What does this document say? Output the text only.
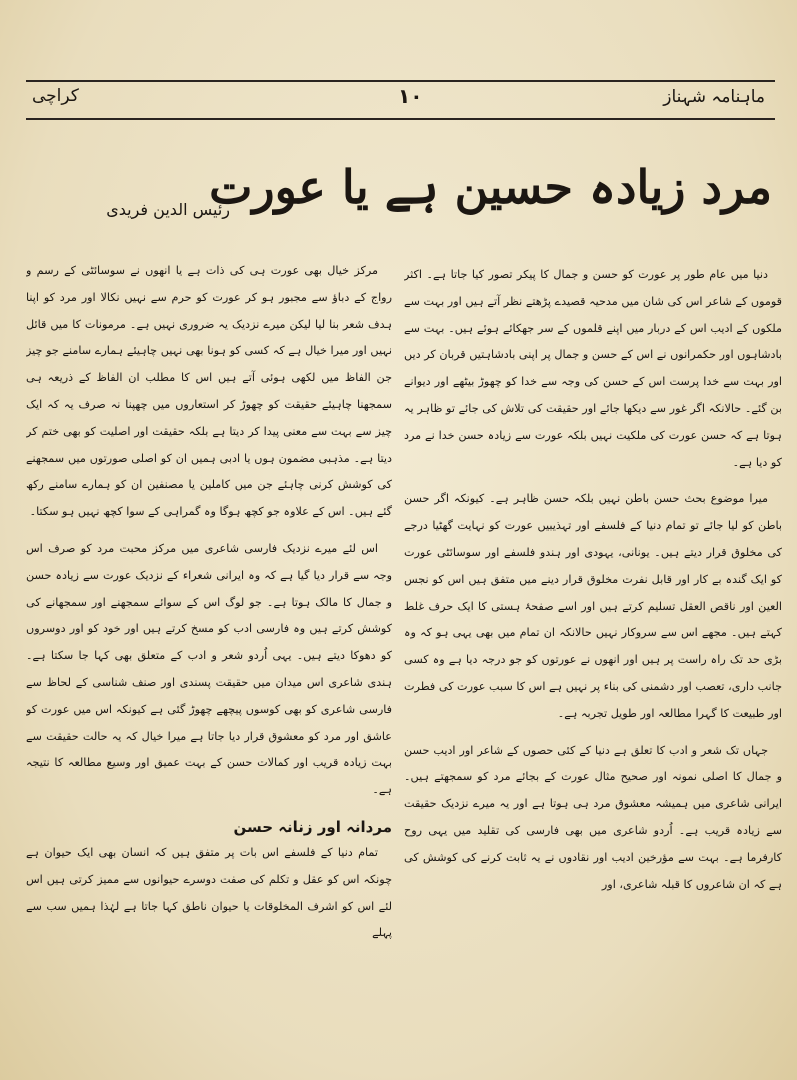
ماہنامہ شہناز
۱۰
کراچی
مرد زیادہ حسین ہے یا عورت
رئیس الدین فریدی

دنیا میں عام طور پر عورت کو حسن و جمال کا پیکر تصور کیا جاتا ہے۔ اکثر قوموں کے شاعر اس کی شان میں مدحیہ قصیدے پڑھتے نظر آتے ہیں اور بہت سے ملکوں کے ادیب اس کے دربار میں اپنے قلموں کے سر جھکائے ہوئے ہیں۔ بہت سے بادشاہوں اور حکمرانوں نے اس کے حسن و جمال پر اپنی بادشاہتیں قربان کر دیں اور بہت سے خدا پرست اس کے حسن کی وجہ سے خدا کو چھوڑ بیٹھے اور دیوانے بن گئے۔ حالانکہ اگر غور سے دیکھا جائے اور حقیقت کی تلاش کی جائے تو ظاہر یہ ہوتا ہے کہ حسن عورت کی ملکیت نہیں بلکہ عورت سے زیادہ حسن خدا نے مرد کو دیا ہے۔

میرا موضوع بحث حسن باطن نہیں بلکہ حسن ظاہر ہے۔ کیونکہ اگر حسن باطن کو لیا جائے تو تمام دنیا کے فلسفے اور تہذیبیں عورت کو نہایت گھٹیا درجے کی مخلوق قرار دیتے ہیں۔ یونانی، یہودی اور ہندو فلسفے اور سوسائٹی عورت کو ایک گندہ بے کار اور قابل نفرت مخلوق قرار دینے میں متفق ہیں اس کو نجس العین اور ناقص العقل تسلیم کرتے ہیں اور اسے صفحۂ ہستی کا ایک حرف غلط کہتے ہیں۔ مجھے اس سے سروکار نہیں حالانکہ ان تمام میں بھی یہی ہو کہ وہ بڑی حد تک راہ راست پر ہیں اور انھوں نے عورتوں کو جو درجہ دیا ہے وہ کسی جانب داری، تعصب اور دشمنی کی بناء پر نہیں ہے اس کا سبب عورت کی فطرت اور طبیعت کا گہرا مطالعہ اور طویل تجربہ ہے۔

جہاں تک شعر و ادب کا تعلق ہے دنیا کے کئی حصوں کے شاعر اور ادیب حسن و جمال کا اصلی نمونہ اور صحیح مثال عورت کے بجائے مرد کو سمجھتے ہیں۔ ایرانی شاعری میں ہمیشہ معشوق مرد ہی ہوتا ہے اور یہ میرے نزدیک حقیقت سے زیادہ قریب ہے۔ اُردو شاعری میں بھی فارسی کی تقلید میں یہی روح کارفرما ہے۔ بہت سے مؤرخین ادیب اور نقادوں نے یہ ثابت کرنے کی کوشش کی ہے کہ ان شاعروں کا قبلہ شاعری، اور

مرکز خیال بھی عورت ہی کی ذات ہے یا انھوں نے سوسائٹی کے رسم و رواج کے دباؤ سے مجبور ہو کر عورت کو حرم سے نہیں نکالا اور مرد کو اپنا ہدف شعر بنا لیا لیکن میرے نزدیک یہ ضروری نہیں ہے۔ مرمونات کا میں قائل نہیں اور میرا خیال ہے کہ کسی کو ہونا بھی نہیں چاہیئے ہمارے سامنے جو چیز جن الفاظ میں لکھی ہوئی آتے ہیں اس کا مطلب ان الفاظ کے ذریعہ ہی سمجھنا چاہیئے حقیقت کو چھوڑ کر استعاروں میں چھپنا نہ صرف یہ کہ ایک چیز سے بہت سے معنی پیدا کر دیتا ہے بلکہ حقیقت اور اصلیت کو بھی ختم کر دیتا ہے۔ مذہبی مضمون ہوں یا ادبی ہمیں ان کو اصلی صورتوں میں سمجھنے کی کوشش کرنی چاہئے جن میں کاملین یا مصنفین ان کو ہمارے سامنے رکھ گئے ہیں۔ اس کے علاوہ جو کچھ ہوگا وہ گمراہی کے سوا کچھ نہیں ہو سکتا۔

اس لئے میرے نزدیک فارسی شاعری میں مرکز محبت مرد کو صرف اس وجہ سے قرار دیا گیا ہے کہ وہ ایرانی شعراء کے نزدیک عورت سے زیادہ حسن و جمال کا مالک ہوتا ہے۔ جو لوگ اس کے سوائے سمجھنے اور سمجھانے کی کوشش کرتے ہیں وہ فارسی ادب کو مسخ کرتے ہیں اور خود کو اور دوسروں کو دھوکا دیتے ہیں۔ یہی اُردو شعر و ادب کے متعلق بھی کہا جا سکتا ہے۔ ہندی شاعری اس میدان میں حقیقت پسندی اور صنف شناسی کے لحاظ سے فارسی شاعری کو بھی کوسوں پیچھے چھوڑ گئی ہے کیونکہ اس میں عورت کو عاشق اور مرد کو معشوق قرار دیا جاتا ہے میرا خیال کہ یہ حالت حقیقت سے بہت زیادہ قریب اور کمالات حسن کے بہت عمیق اور وسیع مطالعہ کا نتیجہ ہے۔

مردانہ اور زنانہ حسن

تمام دنیا کے فلسفے اس بات پر متفق ہیں کہ انسان بھی ایک حیوان ہے چونکہ اس کو عقل و تکلم کی صفت دوسرے حیوانوں سے ممیز کرتی ہیں اس لئے اس کو اشرف المخلوقات یا حیوان ناطق کہا جاتا ہے لہٰذا ہمیں سب سے پہلے
